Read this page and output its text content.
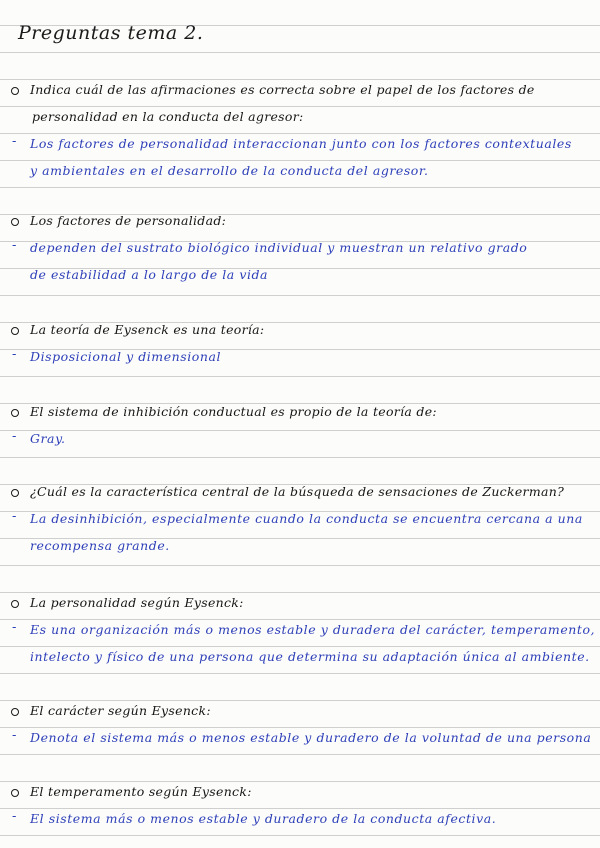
Preguntas tema 2.
Indica cuál de las afirmaciones es correcta sobre el papel de los factores de
personalidad en la conducta del agresor:
- Los factores de personalidad interaccionan junto con los factores contextuales
y ambientales en el desarrollo de la conducta del agresor.
Los factores de personalidad:
- dependen del sustrato biológico individual y muestran un relativo grado
de estabilidad a lo largo de la vida
La teoría de Eysenck es una teoría:
- Disposicional y dimensional
El sistema de inhibición conductual es propio de la teoría de:
- Gray.
¿Cuál es la característica central de la búsqueda de sensaciones de Zuckerman?
- La desinhibición, especialmente cuando la conducta se encuentra cercana a una
recompensa grande.
La personalidad según Eysenck:
- Es una organización más o menos estable y duradera del carácter, temperamento,
intelecto y físico de una persona que determina su adaptación única al ambiente.
El carácter según Eysenck:
- Denota el sistema más o menos estable y duradero de la voluntad de una persona
El temperamento según Eysenck:
- El sistema más o menos estable y duradero de la conducta afectiva.
